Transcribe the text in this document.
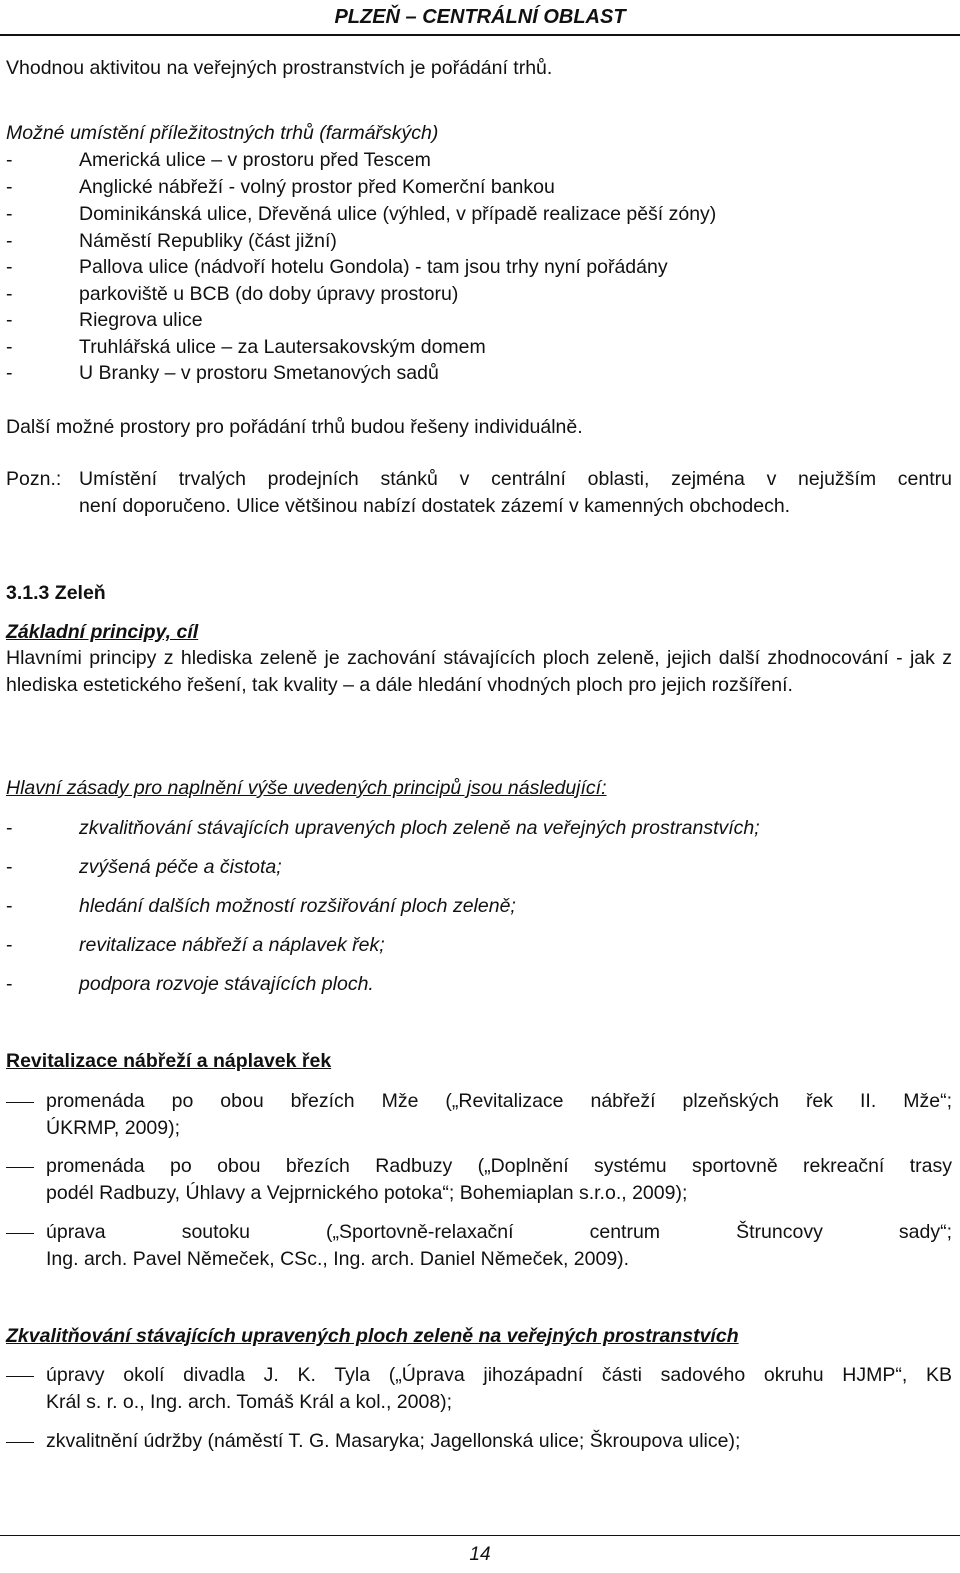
PLZEŇ – CENTRÁLNÍ OBLAST
Vhodnou aktivitou na veřejných prostranstvích je pořádání trhů.
Možné umístění příležitostných trhů (farmářských)
-	Americká ulice – v prostoru před Tescem
-	Anglické nábřeží - volný prostor před Komerční bankou
-	Dominikánská ulice, Dřevěná ulice (výhled, v případě realizace pěší zóny)
-	Náměstí Republiky (část jižní)
-	Pallova ulice (nádvoří hotelu Gondola) - tam jsou trhy nyní pořádány
-	parkoviště u BCB (do doby úpravy prostoru)
-	Riegrova ulice
-	Truhlářská ulice – za Lautersakovským domem
-	U Branky – v prostoru Smetanových sadů
Další možné prostory pro pořádání trhů budou řešeny individuálně.
Pozn.: Umístění trvalých prodejních stánků v centrální oblasti, zejména v nejužším centru
není doporučeno. Ulice většinou nabízí dostatek zázemí v kamenných obchodech.
3.1.3 Zeleň
Základní principy, cíl
Hlavními principy z hlediska zeleně je zachování stávajících ploch zeleně, jejich další zhodnocování - jak z hlediska estetického řešení, tak kvality – a dále hledání vhodných ploch pro jejich rozšíření.
Hlavní zásady pro naplnění výše uvedených principů jsou následující:
-	zkvalitňování stávajících upravených ploch zeleně na veřejných prostranstvích;
-	zvýšená péče a čistota;
-	hledání dalších možností rozšiřování ploch zeleně;
-	revitalizace nábřeží a náplavek řek;
-	podpora rozvoje stávajících ploch.
Revitalizace nábřeží a náplavek řek
promenáda po obou březích Mže („Revitalizace nábřeží plzeňských řek II. Mže“;
ÚKRMP, 2009);
promenáda po obou březích Radbuzy („Doplnění systému sportovně rekreační trasy
podél Radbuzy, Úhlavy a Vejprnického potoka“; Bohemiaplan s.r.o., 2009);
úprava soutoku („Sportovně-relaxační centrum Štruncovy sady“;
Ing. arch. Pavel Němeček, CSc., Ing. arch. Daniel Němeček, 2009).
Zkvalitňování stávajících upravených ploch zeleně na veřejných prostranstvích
úpravy okolí divadla J. K. Tyla („Úprava jihozápadní části sadového okruhu HJMP“, KB
Král s. r. o., Ing. arch. Tomáš Král a kol., 2008);
zkvalitnění údržby (náměstí T. G. Masaryka; Jagellonská ulice; Škroupova ulice);
14
